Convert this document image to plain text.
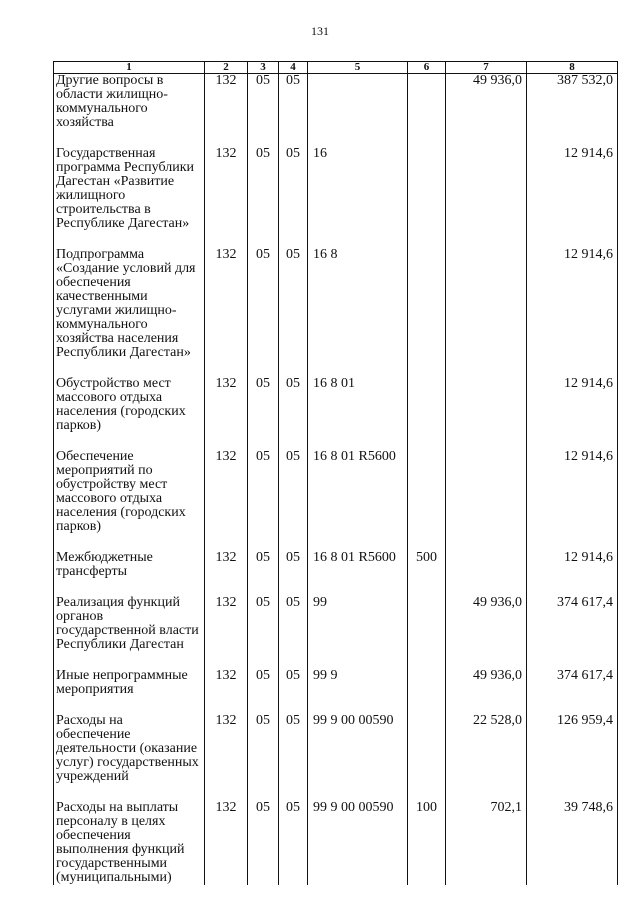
131
1	2	3	4	5	6	7	8
Другие вопросы в области жилищно-коммунального хозяйства	132	05	05			49 936,0	387 532,0

Государственная программа Республики Дагестан «Развитие жилищного строительства в Республике Дагестан»	132	05	05	16			12 914,6

Подпрограмма «Создание условий для обеспечения качественными услугами жилищно-коммунального хозяйства населения Республики Дагестан»	132	05	05	16 8			12 914,6

Обустройство мест массового отдыха населения (городских парков)	132	05	05	16 8 01			12 914,6

Обеспечение мероприятий по обустройству мест массового отдыха населения (городских парков)	132	05	05	16 8 01 R5600			12 914,6

Межбюджетные трансферты	132	05	05	16 8 01 R5600	500		12 914,6

Реализация функций органов государственной власти Республики Дагестан	132	05	05	99		49 936,0	374 617,4

Иные непрограммные мероприятия	132	05	05	99 9		49 936,0	374 617,4

Расходы на обеспечение деятельности (оказание услуг) государственных учреждений	132	05	05	99 9 00 00590		22 528,0	126 959,4

Расходы на выплаты персоналу в целях обеспечения выполнения функций государственными (муниципальными)	132	05	05	99 9 00 00590	100	702,1	39 748,6
